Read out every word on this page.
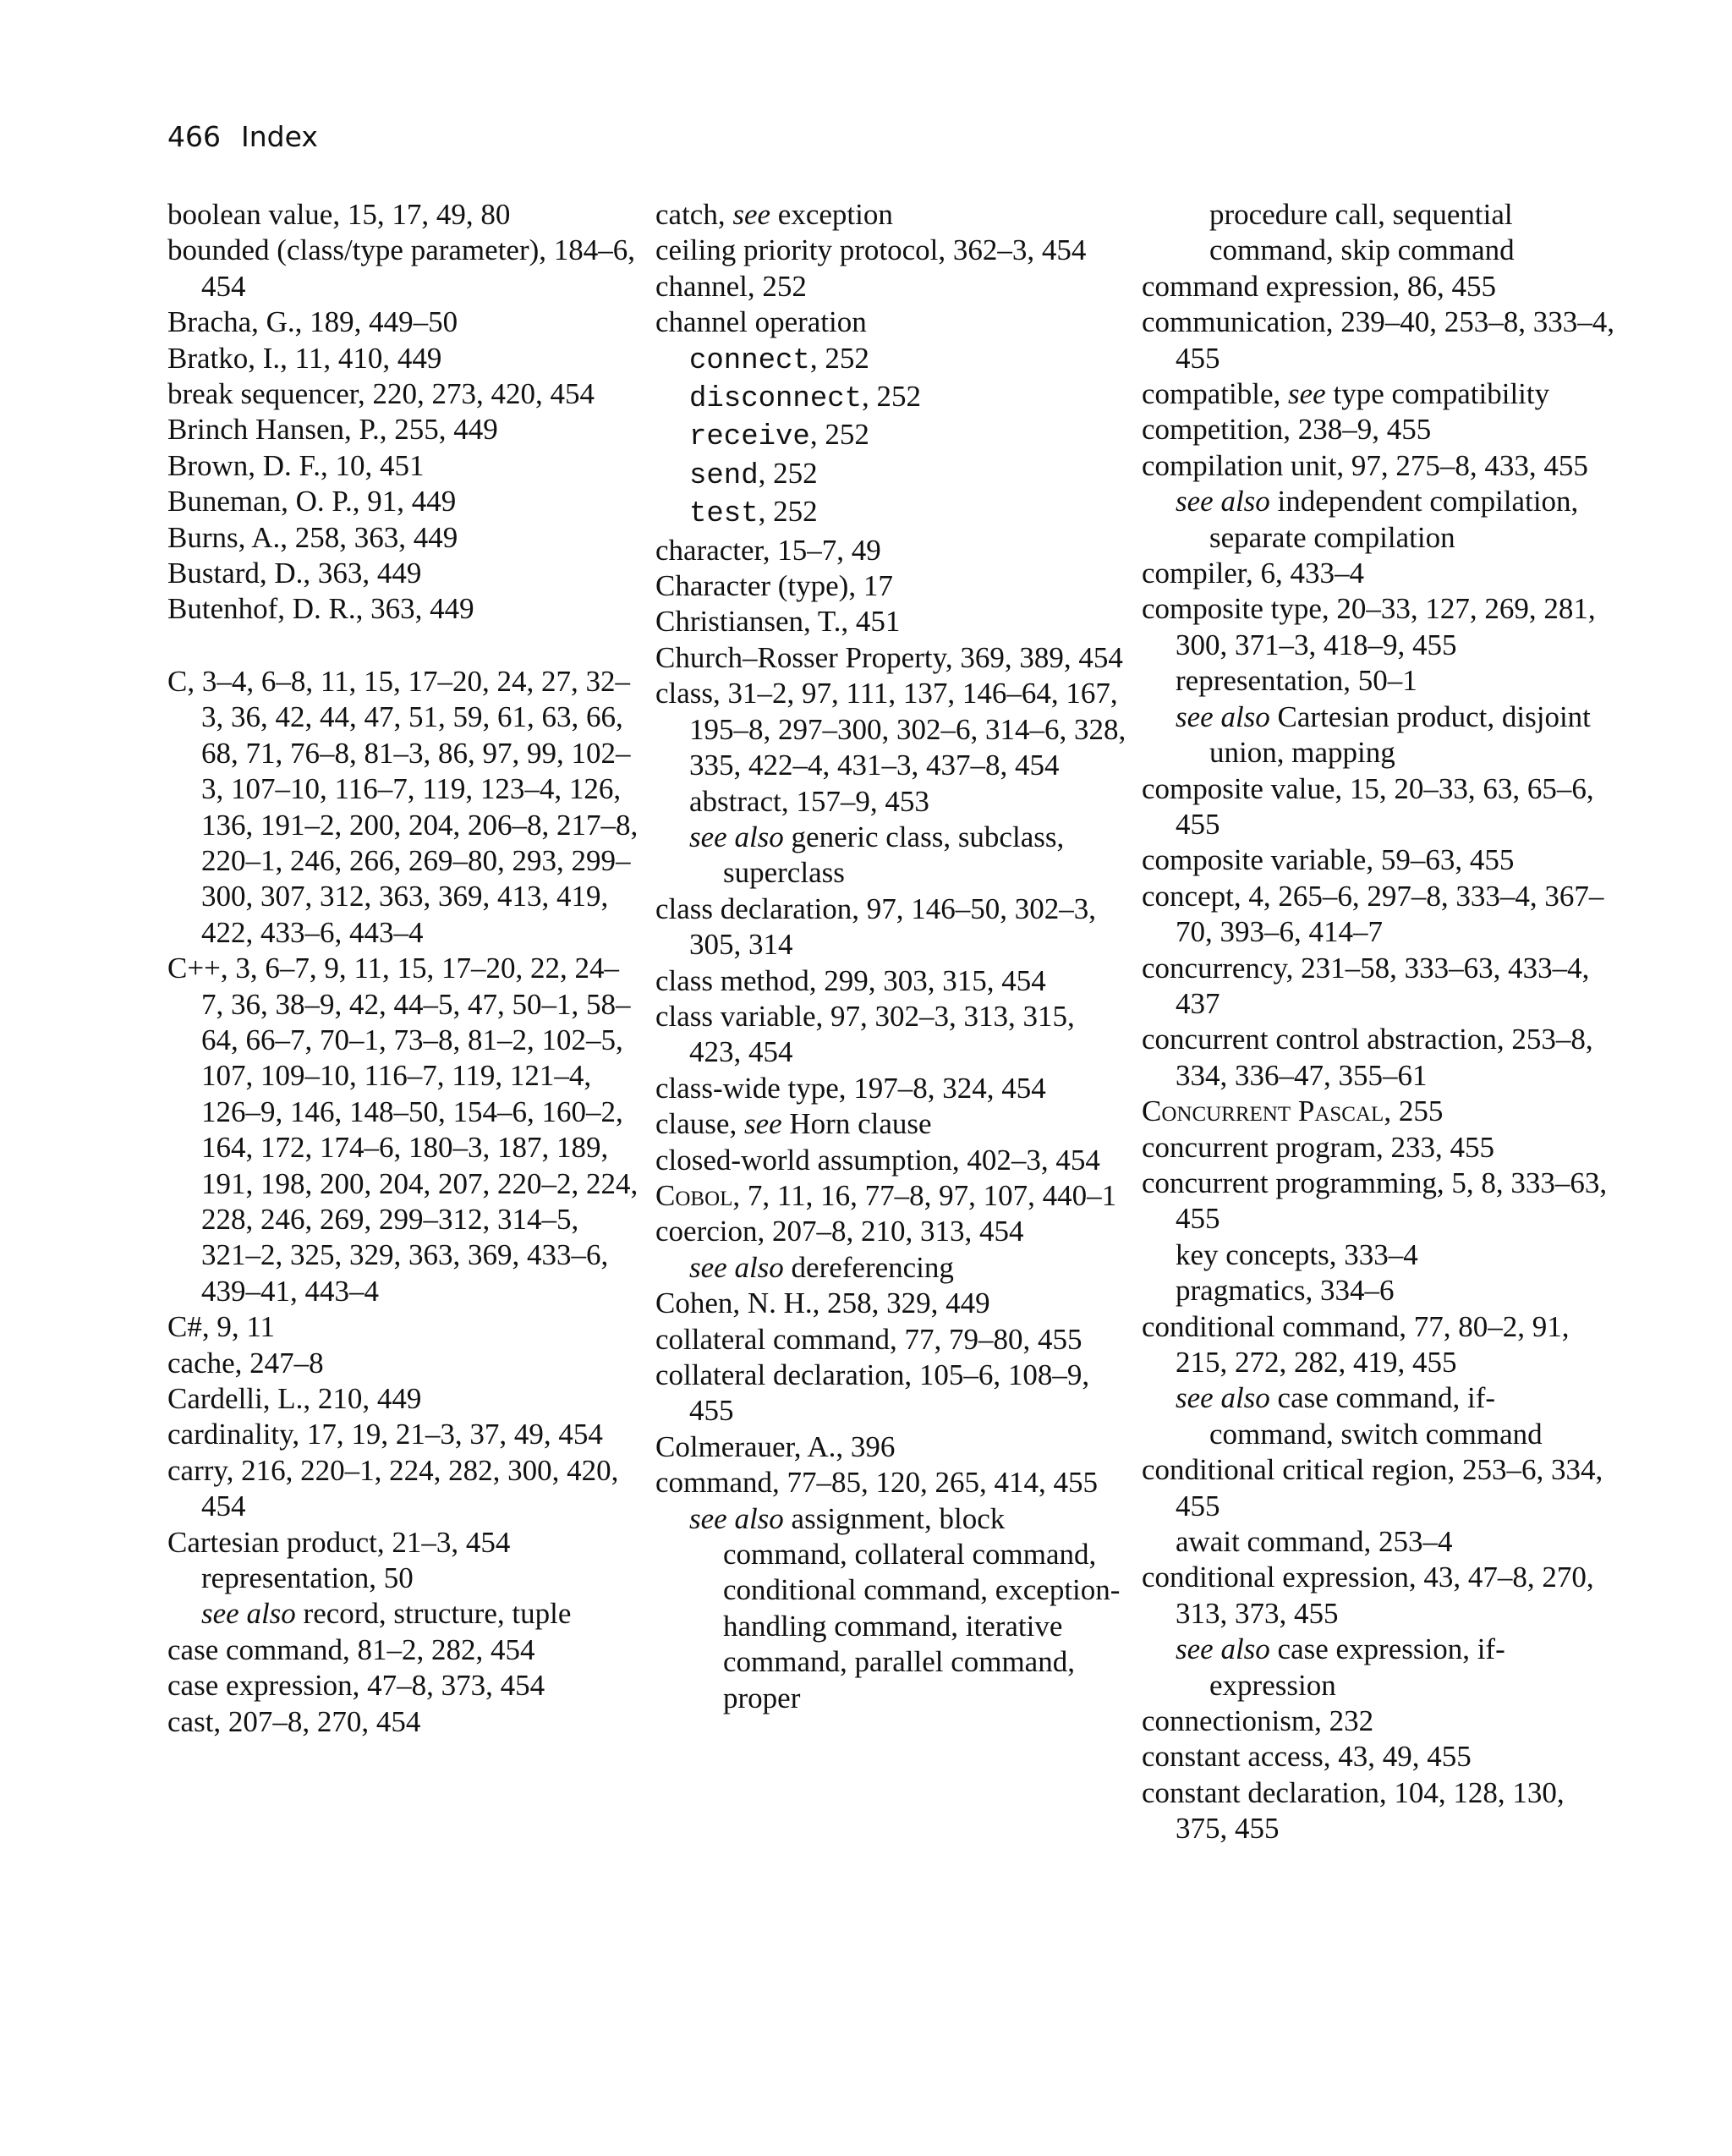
466 Index
boolean value, 15, 17, 49, 80
bounded (class/type parameter), 184–6, 454
Bracha, G., 189, 449–50
Bratko, I., 11, 410, 449
break sequencer, 220, 273, 420, 454
Brinch Hansen, P., 255, 449
Brown, D. F., 10, 451
Buneman, O. P., 91, 449
Burns, A., 258, 363, 449
Bustard, D., 363, 449
Butenhof, D. R., 363, 449
C, 3–4, 6–8, 11, 15, 17–20, 24, 27, 32–3, 36, 42, 44, 47, 51, 59, 61, 63, 66, 68, 71, 76–8, 81–3, 86, 97, 99, 102–3, 107–10, 116–7, 119, 123–4, 126, 136, 191–2, 200, 204, 206–8, 217–8, 220–1, 246, 266, 269–80, 293, 299–300, 307, 312, 363, 369, 413, 419, 422, 433–6, 443–4
C++, 3, 6–7, 9, 11, 15, 17–20, 22, 24–7, 36, 38–9, 42, 44–5, 47, 50–1, 58–64, 66–7, 70–1, 73–8, 81–2, 102–5, 107, 109–10, 116–7, 119, 121–4, 126–9, 146, 148–50, 154–6, 160–2, 164, 172, 174–6, 180–3, 187, 189, 191, 198, 200, 204, 207, 220–2, 224, 228, 246, 269, 299–312, 314–5, 321–2, 325, 329, 363, 369, 433–6, 439–41, 443–4
C#, 9, 11
cache, 247–8
Cardelli, L., 210, 449
cardinality, 17, 19, 21–3, 37, 49, 454
carry, 216, 220–1, 224, 282, 300, 420, 454
Cartesian product, 21–3, 454
representation, 50
see also record, structure, tuple
case command, 81–2, 282, 454
case expression, 47–8, 373, 454
cast, 207–8, 270, 454
catch, see exception
ceiling priority protocol, 362–3, 454
channel, 252
channel operation
connect, 252
disconnect, 252
receive, 252
send, 252
test, 252
character, 15–7, 49
Character (type), 17
Christiansen, T., 451
Church–Rosser Property, 369, 389, 454
class, 31–2, 97, 111, 137, 146–64, 167, 195–8, 297–300, 302–6, 314–6, 328, 335, 422–4, 431–3, 437–8, 454
abstract, 157–9, 453
see also generic class, subclass, superclass
class declaration, 97, 146–50, 302–3, 305, 314
class method, 299, 303, 315, 454
class variable, 97, 302–3, 313, 315, 423, 454
class-wide type, 197–8, 324, 454
clause, see Horn clause
closed-world assumption, 402–3, 454
Cobol, 7, 11, 16, 77–8, 97, 107, 440–1
coercion, 207–8, 210, 313, 454
see also dereferencing
Cohen, N. H., 258, 329, 449
collateral command, 77, 79–80, 455
collateral declaration, 105–6, 108–9, 455
Colmerauer, A., 396
command, 77–85, 120, 265, 414, 455
see also assignment, block command, collateral command, conditional command, exception-handling command, iterative command, parallel command, proper
procedure call, sequential command, skip command
command expression, 86, 455
communication, 239–40, 253–8, 333–4, 455
compatible, see type compatibility
competition, 238–9, 455
compilation unit, 97, 275–8, 433, 455
see also independent compilation, separate compilation
compiler, 6, 433–4
composite type, 20–33, 127, 269, 281, 300, 371–3, 418–9, 455
representation, 50–1
see also Cartesian product, disjoint union, mapping
composite value, 15, 20–33, 63, 65–6, 455
composite variable, 59–63, 455
concept, 4, 265–6, 297–8, 333–4, 367–70, 393–6, 414–7
concurrency, 231–58, 333–63, 433–4, 437
concurrent control abstraction, 253–8, 334, 336–47, 355–61
Concurrent Pascal, 255
concurrent program, 233, 455
concurrent programming, 5, 8, 333–63, 455
key concepts, 333–4
pragmatics, 334–6
conditional command, 77, 80–2, 91, 215, 272, 282, 419, 455
see also case command, if-command, switch command
conditional critical region, 253–6, 334, 455
await command, 253–4
conditional expression, 43, 47–8, 270, 313, 373, 455
see also case expression, if-expression
connectionism, 232
constant access, 43, 49, 455
constant declaration, 104, 128, 130, 375, 455
